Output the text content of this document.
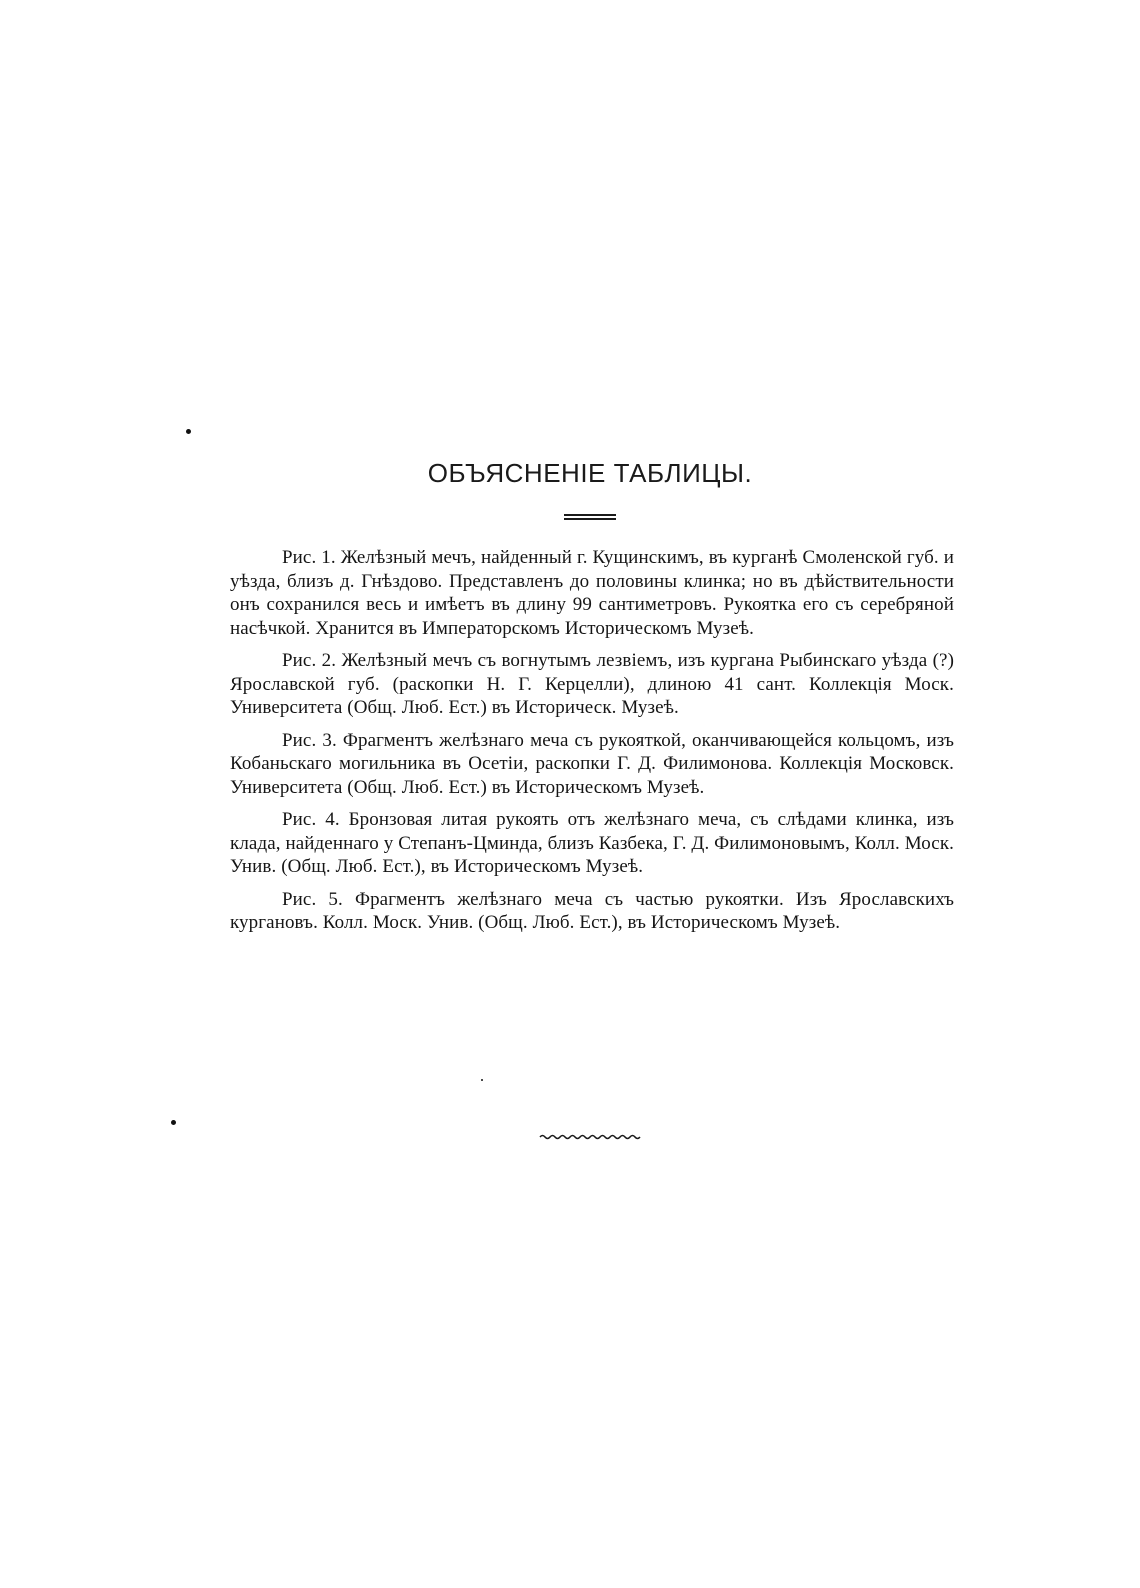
ОБЪЯСНЕНІЕ ТАБЛИЦЫ.

Рис. 1. Желѣзный мечъ, найденный г. Кущинскимъ, въ курганѣ Смоленской губ. и уѣзда, близъ д. Гнѣздово. Представленъ до половины клинка; но въ дѣйствительности онъ сохранился весь и имѣетъ въ длину 99 сантиметровъ. Рукоятка его съ серебряной насѣчкой. Хранится въ Императорскомъ Историческомъ Музеѣ.

Рис. 2. Желѣзный мечъ съ вогнутымъ лезвіемъ, изъ кургана Рыбинскаго уѣзда (?) Ярославской губ. (раскопки Н. Г. Керцелли), длиною 41 сант. Коллекція Моск. Университета (Общ. Люб. Ест.) въ Историческ. Музеѣ.

Рис. 3. Фрагментъ желѣзнаго меча съ рукояткой, оканчивающейся кольцомъ, изъ Кобаньскаго могильника въ Осетіи, раскопки Г. Д. Филимонова. Коллекція Московск. Университета (Общ. Люб. Ест.) въ Историческомъ Музеѣ.

Рис. 4. Бронзовая литая рукоять отъ желѣзнаго меча, съ слѣдами клинка, изъ клада, найденнаго у Степанъ-Цминда, близъ Казбека, Г. Д. Филимоновымъ, Колл. Моск. Унив. (Общ. Люб. Ест.), въ Историческомъ Музеѣ.

Рис. 5. Фрагментъ желѣзнаго меча съ частью рукоятки. Изъ Ярославскихъ кургановъ. Колл. Моск. Унив. (Общ. Люб. Ест.), въ Историческомъ Музеѣ.
